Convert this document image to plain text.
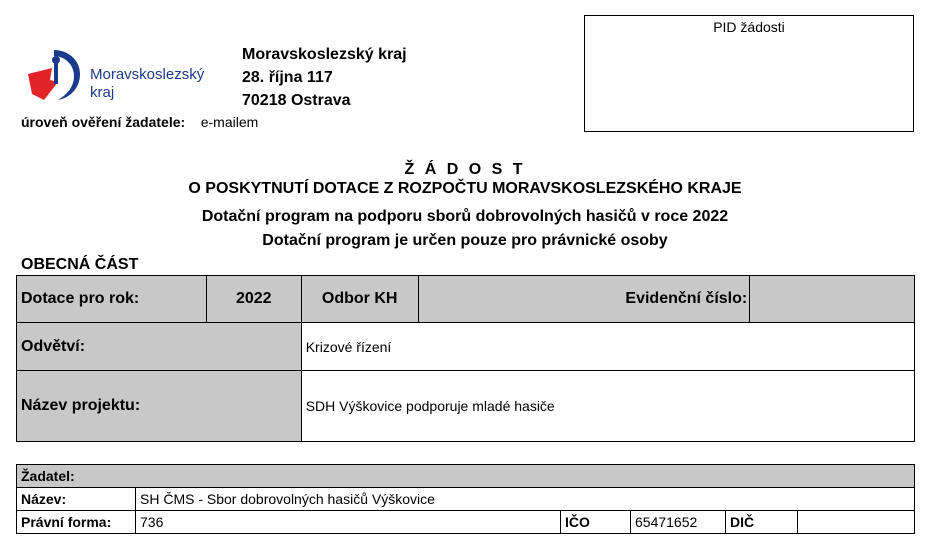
Moravskoslezský
kraj
Moravskoslezský kraj
28. října 117
70218 Ostrava
úroveň ověření žadatele: e-mailem
PID žádosti
Ž Á D O S T
O POSKYTNUTÍ DOTACE Z ROZPOČTU MORAVSKOSLEZSKÉHO KRAJE
Dotační program na podporu sborů dobrovolných hasičů v roce 2022
Dotační program je určen pouze pro právnické osoby
OBECNÁ ČÁST
Dotace pro rok:	2022	Odbor KH	Evidenční číslo:	
Odvětví:		Krizové řízení		
Název projektu:		SDH Výškovice podporuje mladé hasiče		
Žadatel:					
Název:	SH ČMS - Sbor dobrovolných hasičů Výškovice				
Právní forma:	736	IČO	65471652	DIČ	
